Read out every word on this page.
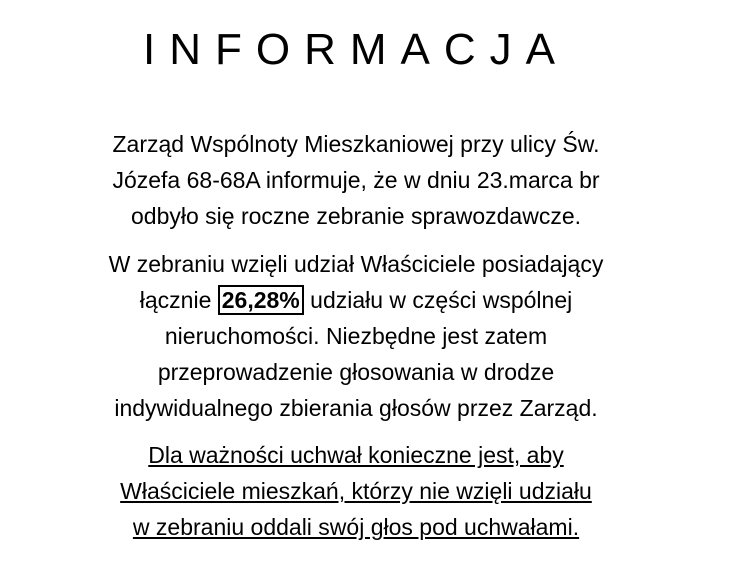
INFORMACJA
Zarząd Wspólnoty Mieszkaniowej przy ulicy Św.
Józefa 68-68A informuje, że w dniu 23.marca br
odbyło się roczne zebranie sprawozdawcze.
W zebraniu wzięli udział Właściciele posiadający
łącznie 26,28% udziału w części wspólnej
nieruchomości. Niezbędne jest zatem
przeprowadzenie głosowania w drodze
indywidualnego zbierania głosów przez Zarząd.
Dla ważności uchwał konieczne jest, aby
Właściciele mieszkań, którzy nie wzięli udziału
w zebraniu oddali swój głos pod uchwałami.
